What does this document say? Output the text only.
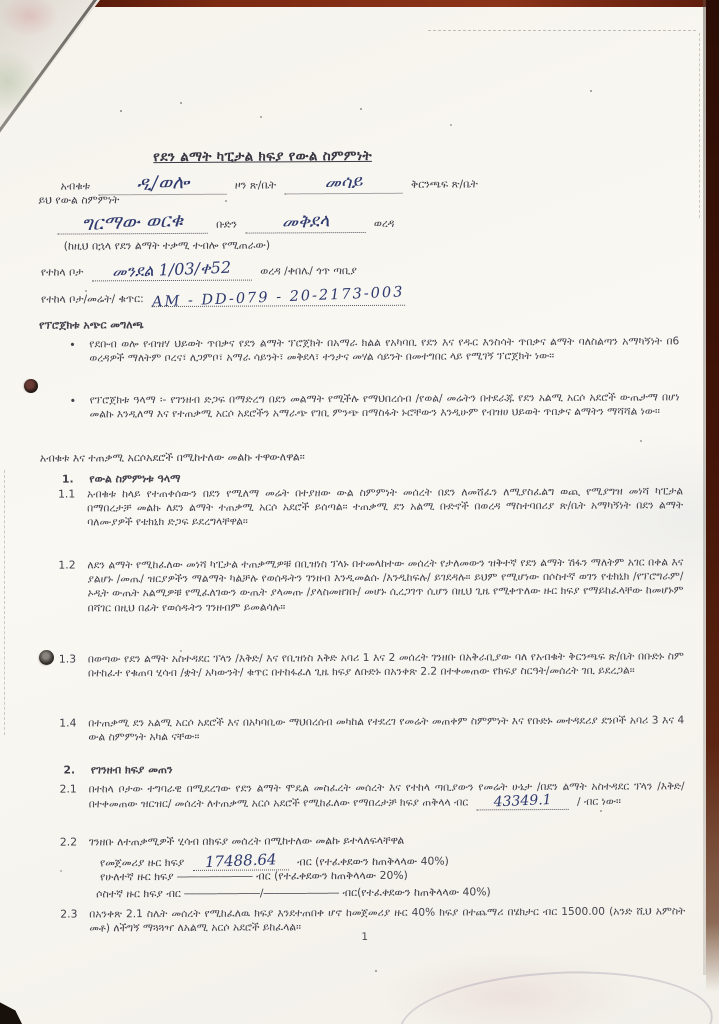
የደን ልማት ካፒታል ክፍያ የውል ስምምነት
አብቁቱ ዲ/ወሎ	ዞን ጽ/ቤት	መሳይ	ቅርንጫፍ ጽ/ቤት
ይህ የውል ስምምነት
ግርማው ወርቁ	ቡድን መቅደላ	ወረዳ
(ከዚህ በኋላ የደን ልማት ተቃሚ ተብሎ የሚጠራው)
የተከላ ቦታ መንደል 1/03/ቀ52	ወረዳ /ቀበሌ/ ጎጥ ጣቢያ
የተከላ ቦታ/መሬት/ ቁጥር: AM - DD-079 - 20-2173-003
የፕሮጀክቱ አጭር መግለጫ
• የደቡብ ወሎ የብዝሃ ህይወት ጥበቃና የደን ልማት ፕሮጀክት በአማራ ክልል የአካባቢ የደን እና የዱር እንስሳት ጥበቃና ልማት ባለስልጣን አማካኝነት በ6 ወረዳዎች ማለትም ቦረና፣ ለጋምቦ፣ አማራ ሳይንት፣ መቅደላ፣ ተንታና መሃል ሳይንት በመተግበር ላይ የሚገኝ ፕሮጀክት ነው።
• የፕሮጀክቱ ዓላማ ፡- የገንዘብ ድጋፍ በማድረግ በደን መልማት የሚችሉ የማህበረሰብ /የወል/ መሬትን በተደራጁ የደን አልሚ አርሶ አደሮች ውጤታማ በሆነ መልኩ እንዲለማ እና የተጠቃሚ አርሶ አደሮችን አማራጭ የገቢ ምንጭ በማስፋት ኑሮቸውን እንዲሁም የብዝሀ ህይወት ጥበቃና ልማትን ማሻሻል ነው።
አብቁቱ እና ተጠቃሚ አርሶአደሮች በሚከተለው መልኩ ተዋውለዋል።
1. የውል ስምምነቱ ዓላማ
1.1 አብቁቱ ከላይ የተጠቀሰውን በደን የሚለማ መሬት በተያዘው ውል ስምምነት መሰረት በደን ለመሸፈን ለሚያስፈልግ ወጪ የሚያግዝ መነሻ ካፒታል በማበረታቻ መልኩ ለደን ልማት ተጠቃሚ አርሶ አደሮች ይሰጣል። ተጠቃሚ ደን አልሚ ቡድኖች በወረዳ ማስተባበሪያ ጽ/ቤት አማካኝነት በደን ልማት ባለሙያዎች የቴክኒክ ድጋፍ ይደረግላቸዋል።
1.2 ለደን ልማት የሚከፈለው መነሻ ካፒታል ተጠቃሚዎቹ በቢዝነስ ፕላኑ በተመላከተው መሰረት የታለመውን ዝቅተኛ የደን ልማት ሽፋን ማለትም አገር በቀል እና ያልሆኑ /መጤ/ ዝርያዎችን ማልማት ካልቻሉ የወሰዱትን ገንዘብ እንዲመልሱ /እንዲከፍሉ/ ይገደዳሉ። ይህም የሚሆነው በሶስተኛ ወገን የቴክኒክ /የፕሮግራም/ኦዲት ውጤት አልሚዎቹ የሚፈለገውን ውጤት ያላመጡ /ያላስመዘገቡ/ መሆኑ ሲረጋገጥ ሲሆን በዚህ ጊዜ የሚቀጥለው ዙር ክፍያ የማይከፈላቸው ከመሆኑም በሻገር በዚህ በፊት የወሰዱትን ገንዘብም ይመልሳሉ።
1.3 በወጣው የደን ልማት አስተዳደር ፕላን /እቅድ/ እና የቢዝነስ እቅድ አባሪ 1 እና 2 መሰረት ገንዘቡ በአቅራቢያው ባለ የአብቁት ቅርንጫፍ ጽ/ቤት በቡድኑ ስም በተከፈተ የቁጠባ ሂሳብ /ቋት/ አካውንት/ ቁጥር በተከፋፈለ ጊዜ ክፍያ ለቡድኑ በአንቀጽ 2.2 በተቀመጠው የክፍያ ስርዓት/መሰረት ገቢ ይደረጋል።
1.4 በተጠቃሚ ደን አልሚ አርሶ አደሮች እና በአካባቢው ማህበረሰብ መካከል የተደረገ የመሬት መጠቀም ስምምነት እና የቡድኑ መተዳደሪያ ደንቦች አባሪ 3 እና 4 ውል ስምምነት አካል ናቸው።
2. የገንዘብ ክፍያ መጠን
2.1 በተከላ ቦታው ተግባራዊ በሚደረገው የደን ልማት ሞዴል መስፈረት መሰረት እና የተከላ ጣቢያውን የመሬት ሁኔታ /በደን ልማት አስተዳደር ፕላን /እቅድ/ በተቀመጠው ዝርዝር/ መሰረት ለተጠቃሚ አርሶ አደሮች የሚከፈለው የማበረታቻ ክፍያ ጠቅላላ ብር 43349.1 / ብር ነው።
2.2 ገንዘቡ ለተጠቃሚዎች ሂሳብ በክፍያ መሰረት በሚከተለው መልኩ ይተላለፍላቸዋል
የመጀመሪያ ዙር ክፍያ 17488.64 ብር (የተፈቀደውን ከጠቅላላው 40%)
የሁለተኛ ዙር ክፍያ ――――――― ብር (የተፈቀደውን ከጠቅላላው 20%)
ሶስተኛ ዙር ክፍያ ብር ―――――――/――――――― ብር(የተፈቀደውን ከጠቅላላው 40%)
2.3 በአንቀጽ 2.1 ስሌት መሰረት የሚከፈለዉ ክፍያ እንደተጠበቀ ሆኖ ከመጀመሪያ ዙር 40% ክፍያ በተጨማሪ በሄክታር ብር 1500.00 (አንድ ሺህ አምስት መቶ) ለችግኝ ማጓጓዣ ለአልሚ አርሶ አደሮች ይከፈላል።
1
